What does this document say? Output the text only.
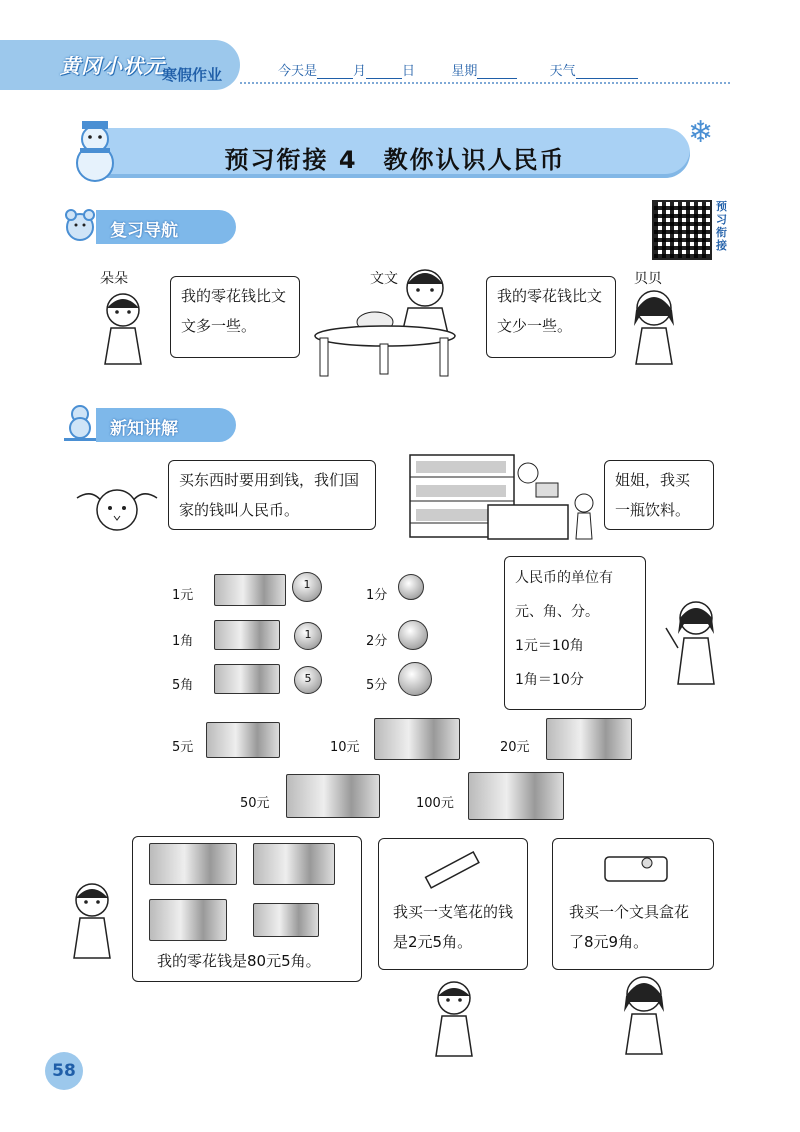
黄冈小状元
寒假作业	今天是	月	日	星期	天气
预习衔接 4　教你认识人民币
❄
预习衔接
复习导航
朵朵
我的零花钱比文文多一些。
文文
我的零花钱比文文少一些。
贝贝
新知讲解
买东西时要用到钱，我们国家的钱叫人民币。
姐姐，我买一瓶饮料。
1元
1
1分
1角	1	2分
5角	5	5分
人民币的单位有
元、角、分。
1元＝10角
1角＝10分
5元	10元	20元
50元	100元
我的零花钱是80元5角。
我买一支笔花的钱是2元5角。
我买一个文具盒花了8元9角。
58
